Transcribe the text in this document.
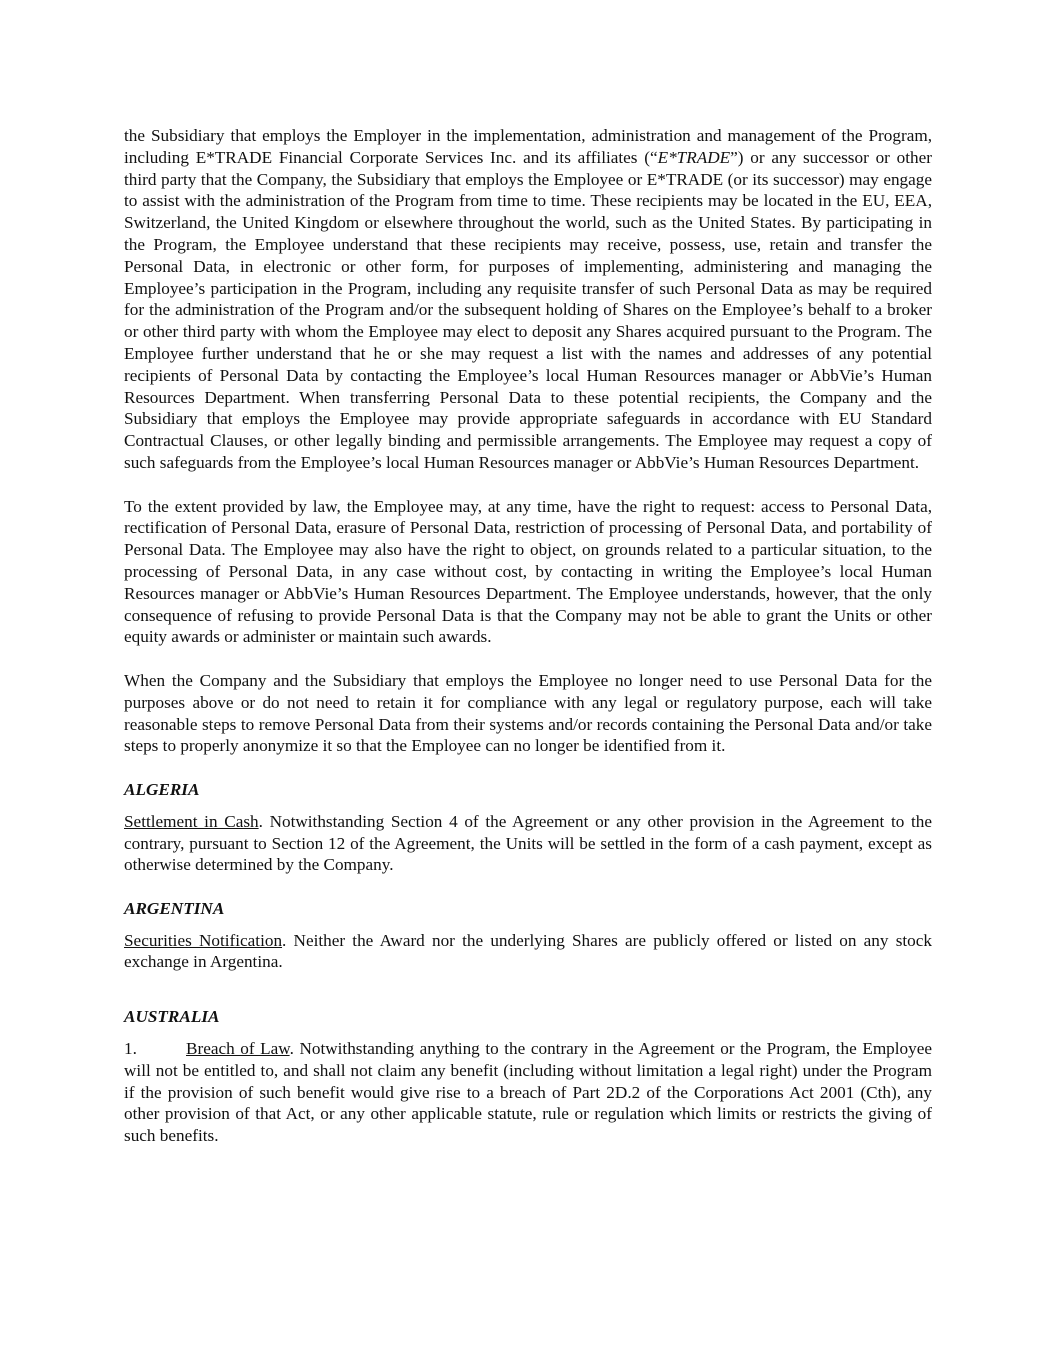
the Subsidiary that employs the Employer in the implementation, administration and management of the Program, including E*TRADE Financial Corporate Services Inc. and its affiliates (“E*TRADE”) or any successor or other third party that the Company, the Subsidiary that employs the Employee or E*TRADE (or its successor) may engage to assist with the administration of the Program from time to time. These recipients may be located in the EU, EEA, Switzerland, the United Kingdom or elsewhere throughout the world, such as the United States. By participating in the Program, the Employee understand that these recipients may receive, possess, use, retain and transfer the Personal Data, in electronic or other form, for purposes of implementing, administering and managing the Employee’s participation in the Program, including any requisite transfer of such Personal Data as may be required for the administration of the Program and/or the subsequent holding of Shares on the Employee’s behalf to a broker or other third party with whom the Employee may elect to deposit any Shares acquired pursuant to the Program. The Employee further understand that he or she may request a list with the names and addresses of any potential recipients of Personal Data by contacting the Employee’s local Human Resources manager or AbbVie’s Human Resources Department. When transferring Personal Data to these potential recipients, the Company and the Subsidiary that employs the Employee may provide appropriate safeguards in accordance with EU Standard Contractual Clauses, or other legally binding and permissible arrangements. The Employee may request a copy of such safeguards from the Employee’s local Human Resources manager or AbbVie’s Human Resources Department.

To the extent provided by law, the Employee may, at any time, have the right to request: access to Personal Data, rectification of Personal Data, erasure of Personal Data, restriction of processing of Personal Data, and portability of Personal Data. The Employee may also have the right to object, on grounds related to a particular situation, to the processing of Personal Data, in any case without cost, by contacting in writing the Employee’s local Human Resources manager or AbbVie’s Human Resources Department. The Employee understands, however, that the only consequence of refusing to provide Personal Data is that the Company may not be able to grant the Units or other equity awards or administer or maintain such awards.

When the Company and the Subsidiary that employs the Employee no longer need to use Personal Data for the purposes above or do not need to retain it for compliance with any legal or regulatory purpose, each will take reasonable steps to remove Personal Data from their systems and/or records containing the Personal Data and/or take steps to properly anonymize it so that the Employee can no longer be identified from it.

ALGERIA

Settlement in Cash. Notwithstanding Section 4 of the Agreement or any other provision in the Agreement to the contrary, pursuant to Section 12 of the Agreement, the Units will be settled in the form of a cash payment, except as otherwise determined by the Company.

ARGENTINA

Securities Notification. Neither the Award nor the underlying Shares are publicly offered or listed on any stock exchange in Argentina.

AUSTRALIA

1.	Breach of Law. Notwithstanding anything to the contrary in the Agreement or the Program, the Employee will not be entitled to, and shall not claim any benefit (including without limitation a legal right) under the Program if the provision of such benefit would give rise to a breach of Part 2D.2 of the Corporations Act 2001 (Cth), any other provision of that Act, or any other applicable statute, rule or regulation which limits or restricts the giving of such benefits.
